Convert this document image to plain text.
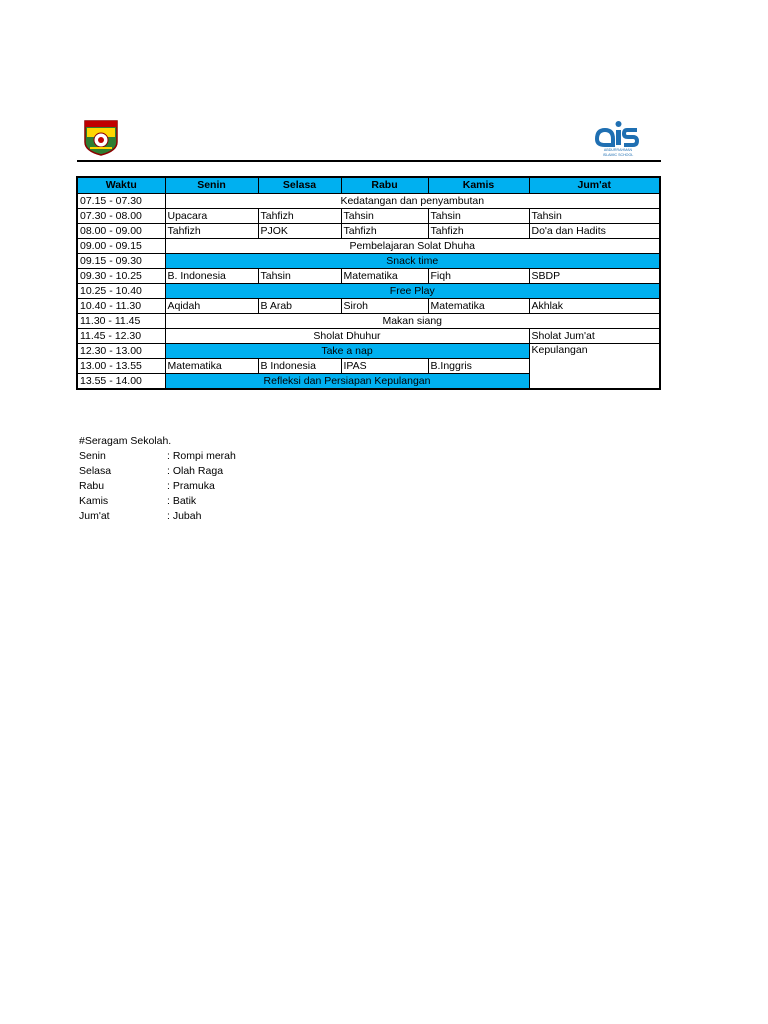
ABDURRAHMAN
ISLAMIC SCHOOL
Waktu	Senin	Selasa	Rabu	Kamis	Jum'at
07.15 - 07.30	Kedatangan dan penyambutan				
07.30 - 08.00	Upacara	Tahfizh	Tahsin	Tahsin	Tahsin
08.00 - 09.00	Tahfizh	PJOK	Tahfizh	Tahfizh	Do'a dan Hadits
09.00 - 09.15	Pembelajaran Solat Dhuha				
09.15 - 09.30	Snack time				
09.30 - 10.25	B. Indonesia	Tahsin	Matematika	Fiqh	SBDP
10.25 - 10.40	Free Play				
10.40 - 11.30	Aqidah	B Arab	Siroh	Matematika	Akhlak
11.30 - 11.45	Makan siang				
11.45 - 12.30	Sholat Dhuhur				Sholat Jum'at
12.30 - 13.00	Take a nap				Kepulangan
13.00 - 13.55	Matematika	B Indonesia	IPAS	B.Inggris	
13.55 - 14.00	Refleksi dan Persiapan Kepulangan				
#Seragam Sekolah.
Senin	: Rompi merah
Selasa	: Olah Raga
Rabu	: Pramuka
Kamis	: Batik
Jum'at	: Jubah
